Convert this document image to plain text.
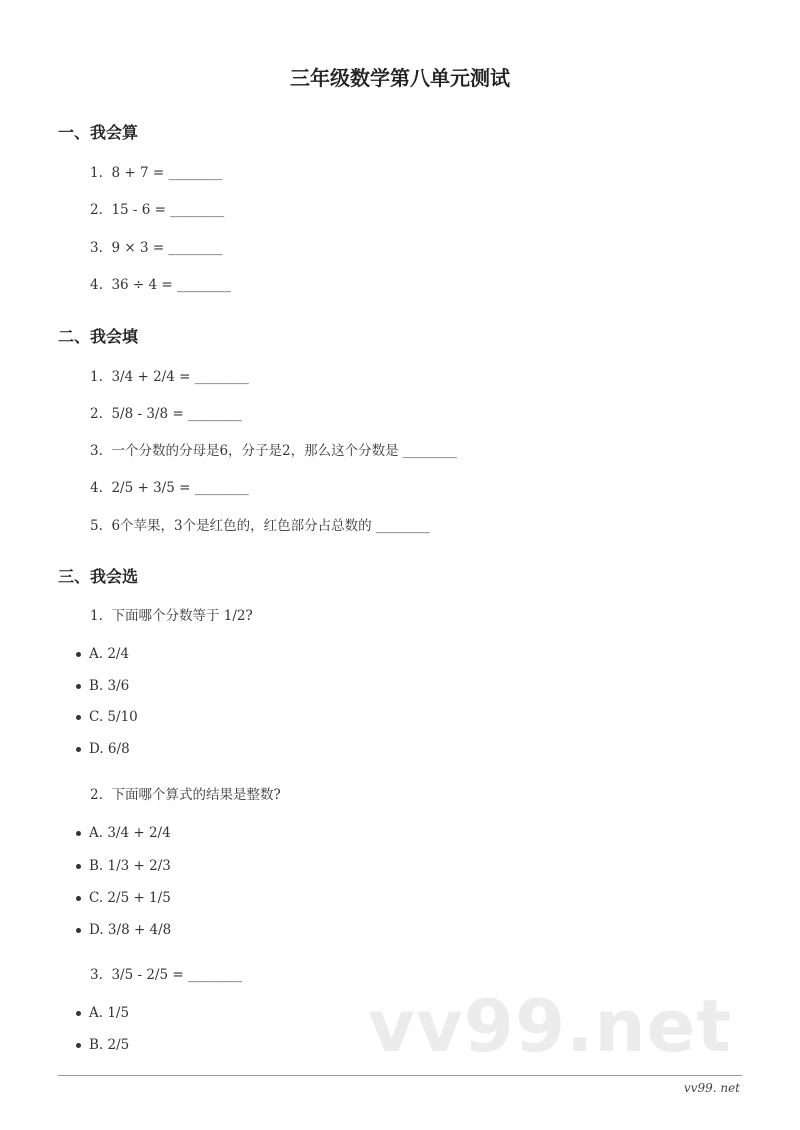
三年级数学第八单元测试
一、我会算
1.  8 + 7 = ________
2.  15 - 6 = ________
3.  9 × 3 = ________
4.  36 ÷ 4 = ________
二、我会填
1.  3/4 + 2/4 = ________
2.  5/8 - 3/8 = ________
3.  一个分数的分母是6，分子是2，那么这个分数是 ________
4.  2/5 + 3/5 = ________
5.  6个苹果，3个是红色的，红色部分占总数的 ________
vv99.net
三、我会选
1.  下面哪个分数等于 1/2?
A. 2/4
B. 3/6
C. 5/10
D. 6/8
2.  下面哪个算式的结果是整数?
A. 3/4 + 2/4
B. 1/3 + 2/3
C. 2/5 + 1/5
D. 3/8 + 4/8
3.  3/5 - 2/5 = ________
A. 1/5
B. 2/5
vv99. net
